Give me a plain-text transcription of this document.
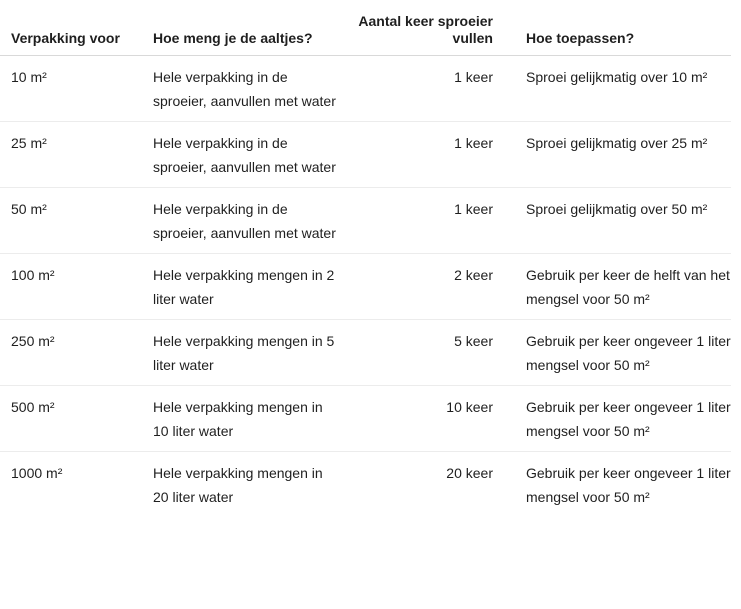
Verpakking voor	Hoe meng je de aaltjes?	Aantal keer sproeier vullen	Hoe toepassen?
10 m²	Hele verpakking in de sproeier, aanvullen met water	1 keer	Sproei gelijkmatig over 10 m²
25 m²	Hele verpakking in de sproeier, aanvullen met water	1 keer	Sproei gelijkmatig over 25 m²
50 m²	Hele verpakking in de sproeier, aanvullen met water	1 keer	Sproei gelijkmatig over 50 m²
100 m²	Hele verpakking mengen in 2 liter water	2 keer	Gebruik per keer de helft van het mengsel voor 50 m²
250 m²	Hele verpakking mengen in 5 liter water	5 keer	Gebruik per keer ongeveer 1 liter mengsel voor 50 m²
500 m²	Hele verpakking mengen in 10 liter water	10 keer	Gebruik per keer ongeveer 1 liter mengsel voor 50 m²
1000 m²	Hele verpakking mengen in 20 liter water	20 keer	Gebruik per keer ongeveer 1 liter mengsel voor 50 m²
